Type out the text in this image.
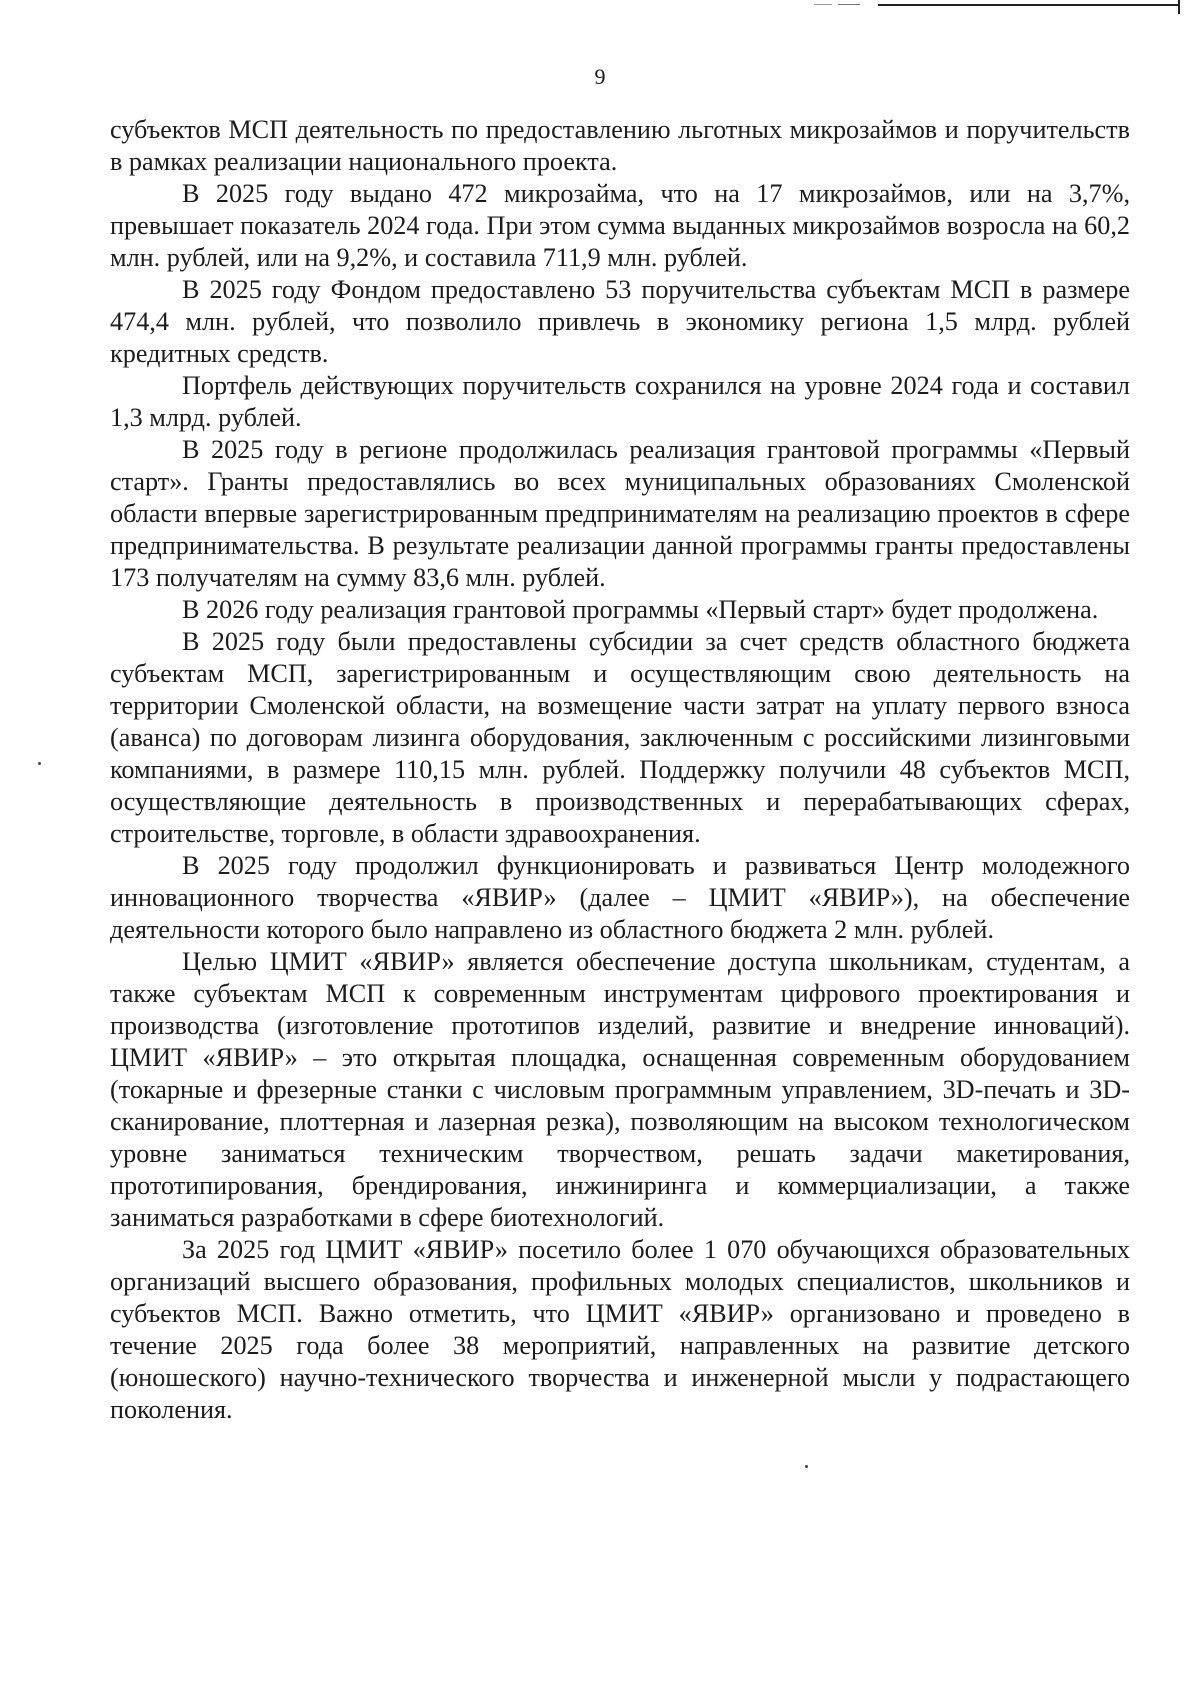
9

субъектов МСП деятельность по предоставлению льготных микрозаймов и поручительств в рамках реализации национального проекта.

В 2025 году выдано 472 микрозайма, что на 17 микрозаймов, или на 3,7%, превышает показатель 2024 года. При этом сумма выданных микрозаймов возросла на 60,2 млн. рублей, или на 9,2%, и составила 711,9 млн. рублей.

В 2025 году Фондом предоставлено 53 поручительства субъектам МСП в размере 474,4 млн. рублей, что позволило привлечь в экономику региона 1,5 млрд. рублей кредитных средств.

Портфель действующих поручительств сохранился на уровне 2024 года и составил 1,3 млрд. рублей.

В 2025 году в регионе продолжилась реализация грантовой программы «Первый старт». Гранты предоставлялись во всех муниципальных образованиях Смоленской области впервые зарегистрированным предпринимателям на реализацию проектов в сфере предпринимательства. В результате реализации данной программы гранты предоставлены 173 получателям на сумму 83,6 млн. рублей.

В 2026 году реализация грантовой программы «Первый старт» будет продолжена.

В 2025 году были предоставлены субсидии за счет средств областного бюджета субъектам МСП, зарегистрированным и осуществляющим свою деятельность на территории Смоленской области, на возмещение части затрат на уплату первого взноса (аванса) по договорам лизинга оборудования, заключенным с российскими лизинговыми компаниями, в размере 110,15 млн. рублей. Поддержку получили 48 субъектов МСП, осуществляющие деятельность в производственных и перерабатывающих сферах, строительстве, торговле, в области здравоохранения.

В 2025 году продолжил функционировать и развиваться Центр молодежного инновационного творчества «ЯВИР» (далее – ЦМИТ «ЯВИР»), на обеспечение деятельности которого было направлено из областного бюджета 2 млн. рублей.

Целью ЦМИТ «ЯВИР» является обеспечение доступа школьникам, студентам, а также субъектам МСП к современным инструментам цифрового проектирования и производства (изготовление прототипов изделий, развитие и внедрение инноваций). ЦМИТ «ЯВИР» – это открытая площадка, оснащенная современным оборудованием (токарные и фрезерные станки с числовым программным управлением, 3D-печать и 3D-сканирование, плоттерная и лазерная резка), позволяющим на высоком технологическом уровне заниматься техническим творчеством, решать задачи макетирования, прототипирования, брендирования, инжиниринга и коммерциализации, а также заниматься разработками в сфере биотехнологий.

За 2025 год ЦМИТ «ЯВИР» посетило более 1 070 обучающихся образовательных организаций высшего образования, профильных молодых специалистов, школьников и субъектов МСП. Важно отметить, что ЦМИТ «ЯВИР» организовано и проведено в течение 2025 года более 38 мероприятий, направленных на развитие детского (юношеского) научно-технического творчества и инженерной мысли у подрастающего поколения.
